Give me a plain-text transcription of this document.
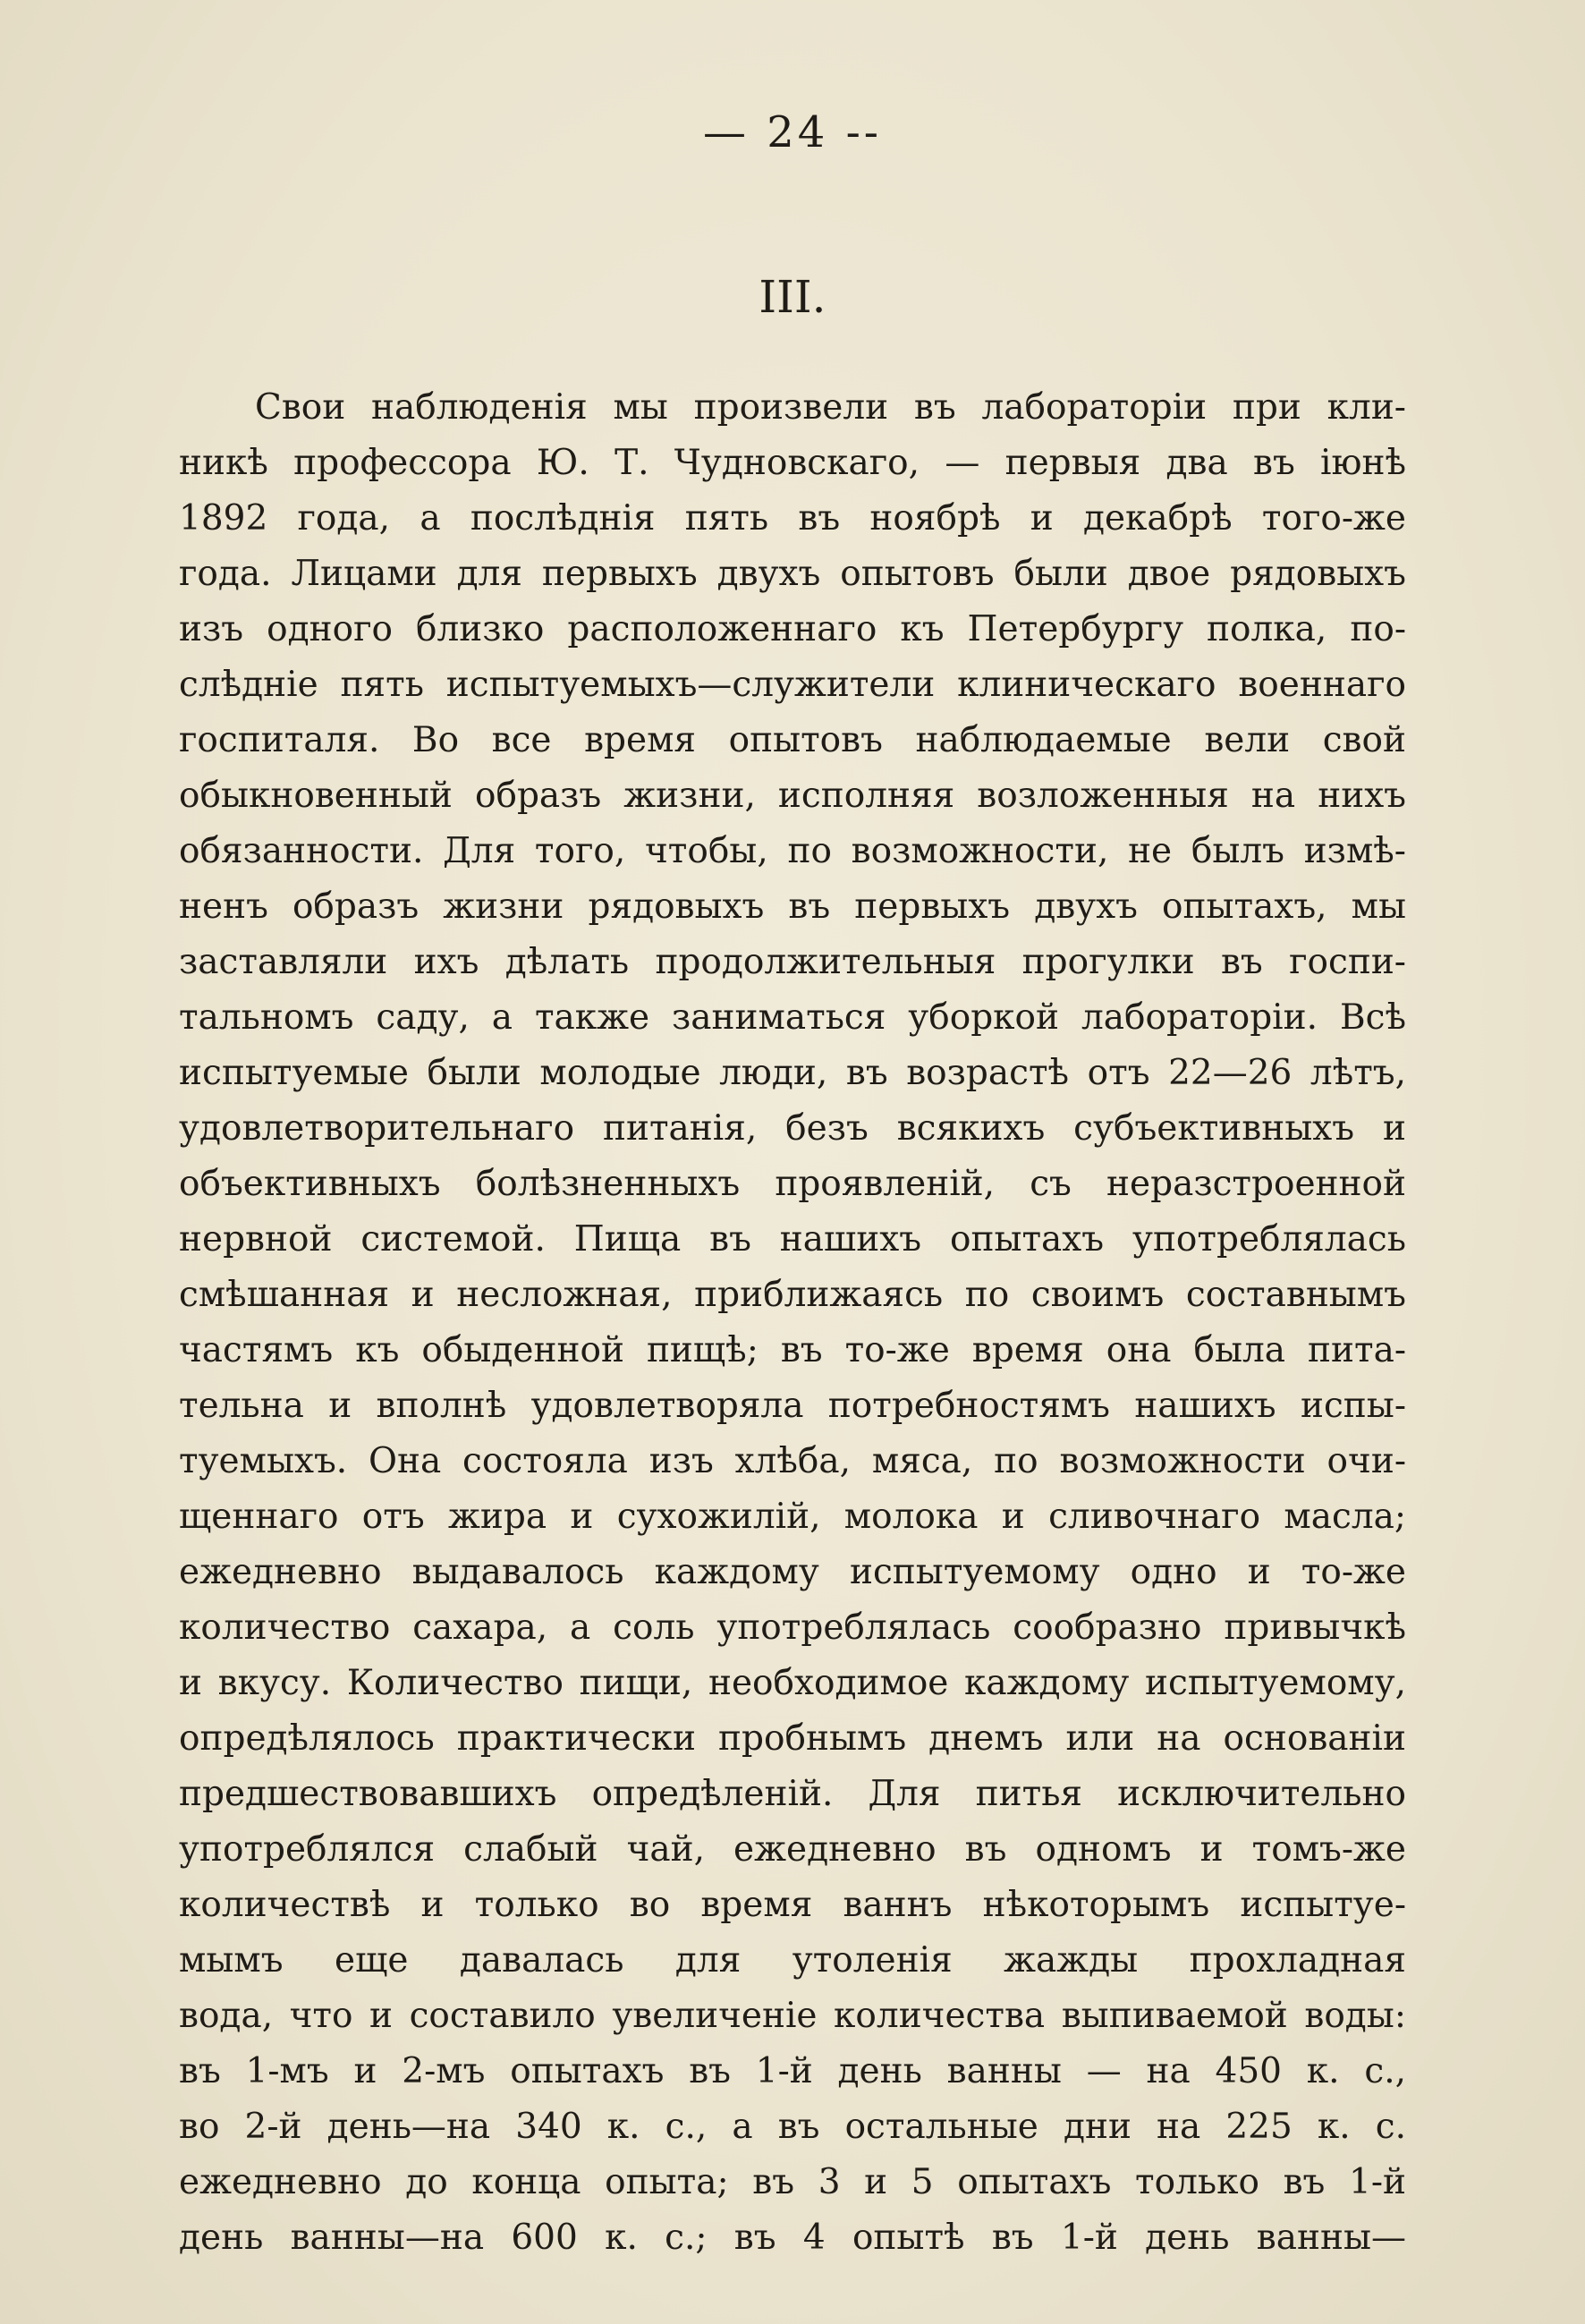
— 24 --
III.
Свои наблюденія мы произвели въ лабораторіи при кли-
никѣ профессора Ю. Т. Чудновскаго, — первыя два въ іюнѣ
1892 года, а послѣднія пять въ ноябрѣ и декабрѣ того-же
года. Лицами для первыхъ двухъ опытовъ были двое рядовыхъ
изъ одного близко расположеннаго къ Петербургу полка, по-
слѣдніе пять испытуемыхъ—служители клиническаго военнаго
госпиталя. Во все время опытовъ наблюдаемые вели свой
обыкновенный образъ жизни, исполняя возложенныя на нихъ
обязанности. Для того, чтобы, по возможности, не былъ измѣ-
ненъ образъ жизни рядовыхъ въ первыхъ двухъ опытахъ, мы
заставляли ихъ дѣлать продолжительныя прогулки въ госпи-
тальномъ саду, а также заниматься уборкой лабораторіи. Всѣ
испытуемые были молодые люди, въ возрастѣ отъ 22—26 лѣтъ,
удовлетворительнаго питанія, безъ всякихъ субъективныхъ и
объективныхъ болѣзненныхъ проявленій, съ неразстроенной
нервной системой. Пища въ нашихъ опытахъ употреблялась
смѣшанная и несложная, приближаясь по своимъ составнымъ
частямъ къ обыденной пищѣ; въ то-же время она была пита-
тельна и вполнѣ удовлетворяла потребностямъ нашихъ испы-
туемыхъ. Она состояла изъ хлѣба, мяса, по возможности очи-
щеннаго отъ жира и сухожилій, молока и сливочнаго масла;
ежедневно выдавалось каждому испытуемому одно и то-же
количество сахара, а соль употреблялась сообразно привычкѣ
и вкусу. Количество пищи, необходимое каждому испытуемому,
опредѣлялось практически пробнымъ днемъ или на основаніи
предшествовавшихъ опредѣленій. Для питья исключительно
употреблялся слабый чай, ежедневно въ одномъ и томъ-же
количествѣ и только во время ваннъ нѣкоторымъ испытуе-
мымъ еще давалась для утоленія жажды прохладная
вода, что и составило увеличеніе количества выпиваемой воды:
въ 1-мъ и 2-мъ опытахъ въ 1-й день ванны — на 450 к. с.,
во 2-й день—на 340 к. с., а въ остальные дни на 225 к. с.
ежедневно до конца опыта; въ 3 и 5 опытахъ только въ 1-й
день ванны—на 600 к. с.; въ 4 опытѣ въ 1-й день ванны—
